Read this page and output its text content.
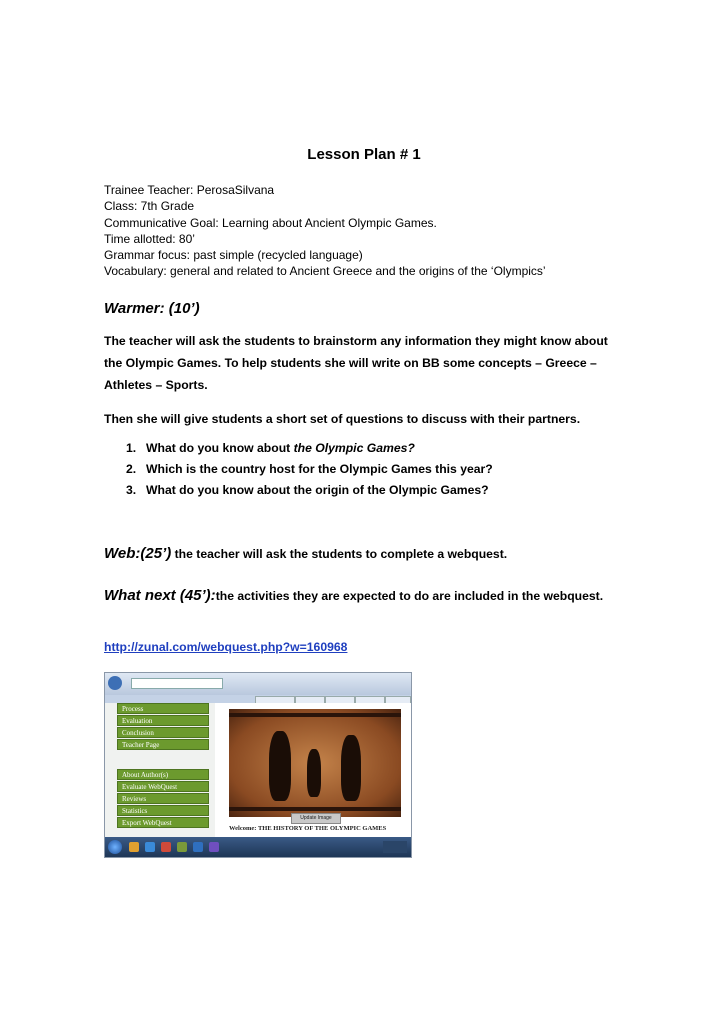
Lesson Plan # 1
Trainee Teacher: PerosaSilvana
Class: 7th Grade
Communicative Goal: Learning about Ancient Olympic Games.
Time allotted: 80’
Grammar focus: past simple (recycled language)
Vocabulary: general and related to Ancient Greece and the origins of the ‘Olympics’
Warmer: (10’)
The teacher will ask the students to brainstorm any information they might know about the Olympic Games. To help students she will write on BB some concepts – Greece – Athletes – Sports.
Then she will give students a short set of questions to discuss with their partners.
1. What do you know about the Olympic Games?
2. Which is the country host for the Olympic Games this year?
3. What do you know about the origin of the Olympic Games?
Web:(25’) the teacher will ask the students to complete a webquest.
What next (45’):the activities they are expected to do are included in the webquest.
http://zunal.com/webquest.php?w=160968
Process
Evaluation
Conclusion
Teacher Page
About Author(s)
Evaluate WebQuest
Reviews
Statistics
Export WebQuest
Update Image
Welcome: THE HISTORY OF THE OLYMPIC GAMES
